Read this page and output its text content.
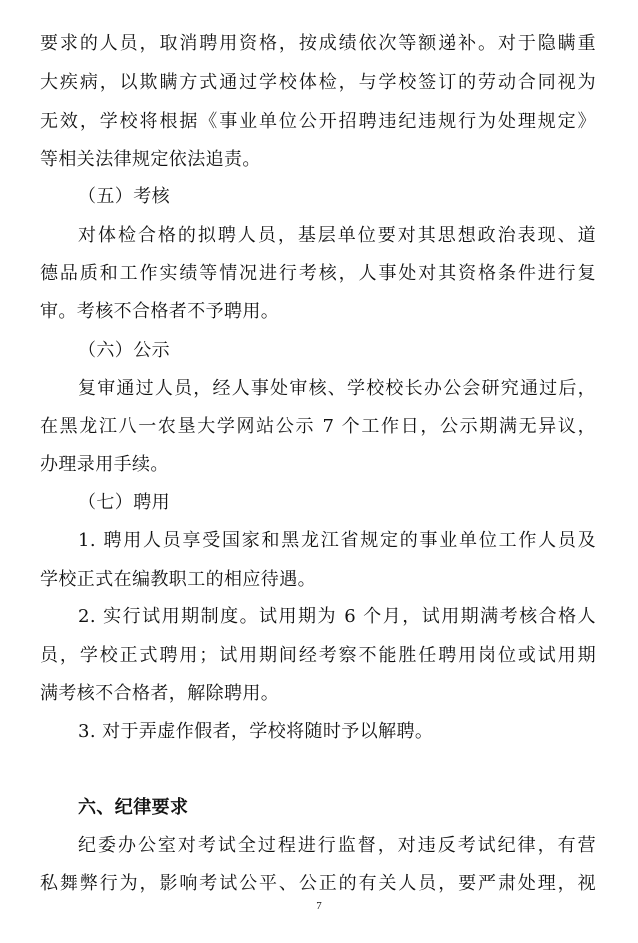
要求的人员，取消聘用资格，按成绩依次等额递补。对于隐瞒重
大疾病，以欺瞒方式通过学校体检，与学校签订的劳动合同视为
无效，学校将根据《事业单位公开招聘违纪违规行为处理规定》
等相关法律规定依法追责。
（五）考核
对体检合格的拟聘人员，基层单位要对其思想政治表现、道
德品质和工作实绩等情况进行考核，人事处对其资格条件进行复
审。考核不合格者不予聘用。
（六）公示
复审通过人员，经人事处审核、学校校长办公会研究通过后，
在黑龙江八一农垦大学网站公示 7 个工作日，公示期满无异议，
办理录用手续。
（七）聘用
1. 聘用人员享受国家和黑龙江省规定的事业单位工作人员及
学校正式在编教职工的相应待遇。
2. 实行试用期制度。试用期为 6 个月，试用期满考核合格人
员，学校正式聘用；试用期间经考察不能胜任聘用岗位或试用期
满考核不合格者，解除聘用。
3. 对于弄虚作假者，学校将随时予以解聘。
六、纪律要求
纪委办公室对考试全过程进行监督，对违反考试纪律，有营
私舞弊行为，影响考试公平、公正的有关人员，要严肃处理，视
7
